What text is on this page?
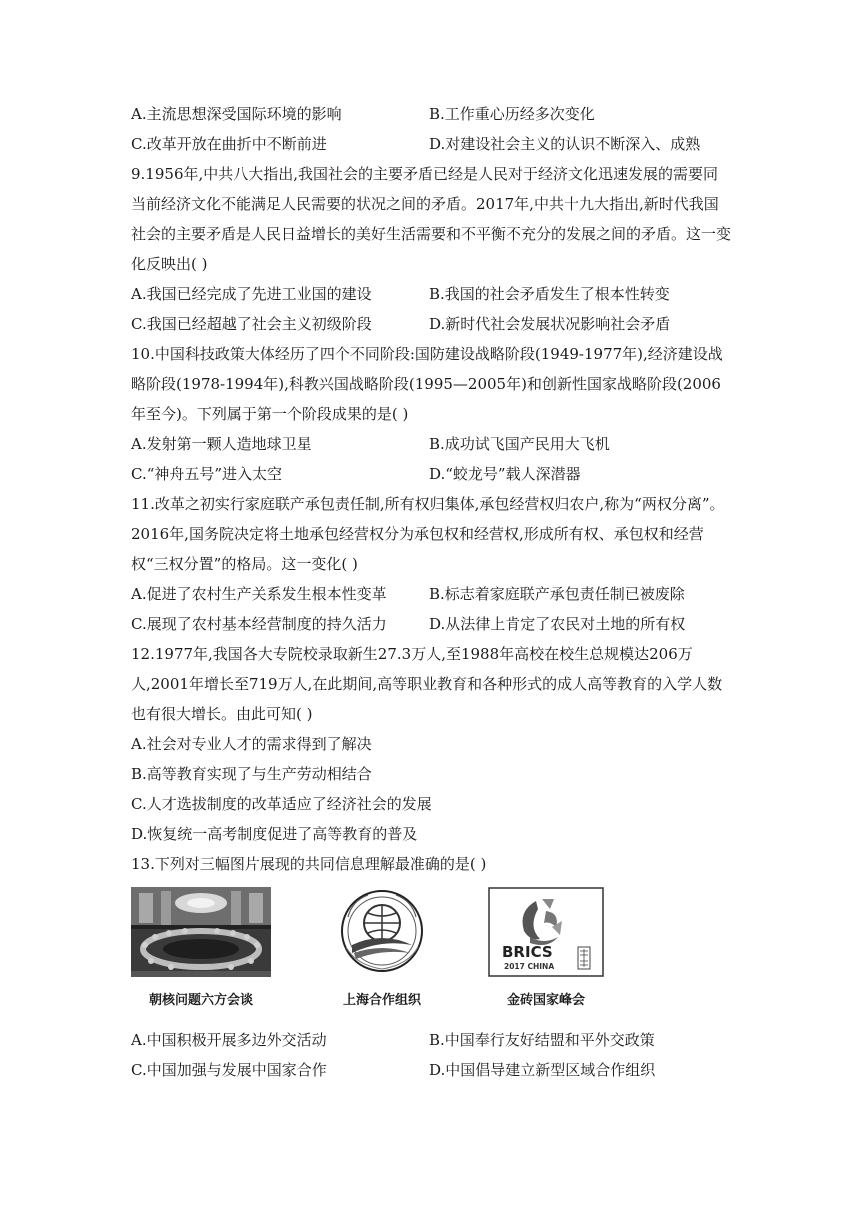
A.主流思想深受国际环境的影响	B.工作重心历经多次变化
C.改革开放在曲折中不断前进	D.对建设社会主义的认识不断深入、成熟
9.1956年,中共八大指出,我国社会的主要矛盾已经是人民对于经济文化迅速发展的需要同当前经济文化不能满足人民需要的状况之间的矛盾。2017年,中共十九大指出,新时代我国社会的主要矛盾是人民日益增长的美好生活需要和不平衡不充分的发展之间的矛盾。这一变化反映出( )
A.我国已经完成了先进工业国的建设	B.我国的社会矛盾发生了根本性转变
C.我国已经超越了社会主义初级阶段	D.新时代社会发展状况影响社会矛盾
10.中国科技政策大体经历了四个不同阶段:国防建设战略阶段(1949-1977年),经济建设战略阶段(1978-1994年),科教兴国战略阶段(1995—2005年)和创新性国家战略阶段(2006年至今)。下列属于第一个阶段成果的是( )
A.发射第一颗人造地球卫星	B.成功试飞国产民用大飞机
C.“神舟五号”进入太空	D.“蛟龙号”载人深潜器
11.改革之初实行家庭联产承包责任制,所有权归集体,承包经营权归农户,称为“两权分离”。2016年,国务院决定将土地承包经营权分为承包权和经营权,形成所有权、承包权和经营权“三权分置”的格局。这一变化( )
A.促进了农村生产关系发生根本性变革	B.标志着家庭联产承包责任制已被废除
C.展现了农村基本经营制度的持久活力	D.从法律上肯定了农民对土地的所有权
12.1977年,我国各大专院校录取新生27.3万人,至1988年高校在校生总规模达206万人,2001年增长至719万人,在此期间,高等职业教育和各种形式的成人高等教育的入学人数也有很大增长。由此可知( )
A.社会对专业人才的需求得到了解决
B.高等教育实现了与生产劳动相结合
C.人才选拔制度的改革适应了经济社会的发展
D.恢复统一高考制度促进了高等教育的普及
13.下列对三幅图片展现的共同信息理解最准确的是( )
朝核问题六方会谈	上海合作组织
BRICS
2017 CHINA
金砖国家峰会
A.中国积极开展多边外交活动	B.中国奉行友好结盟和平外交政策
C.中国加强与发展中国家合作	D.中国倡导建立新型区域合作组织
